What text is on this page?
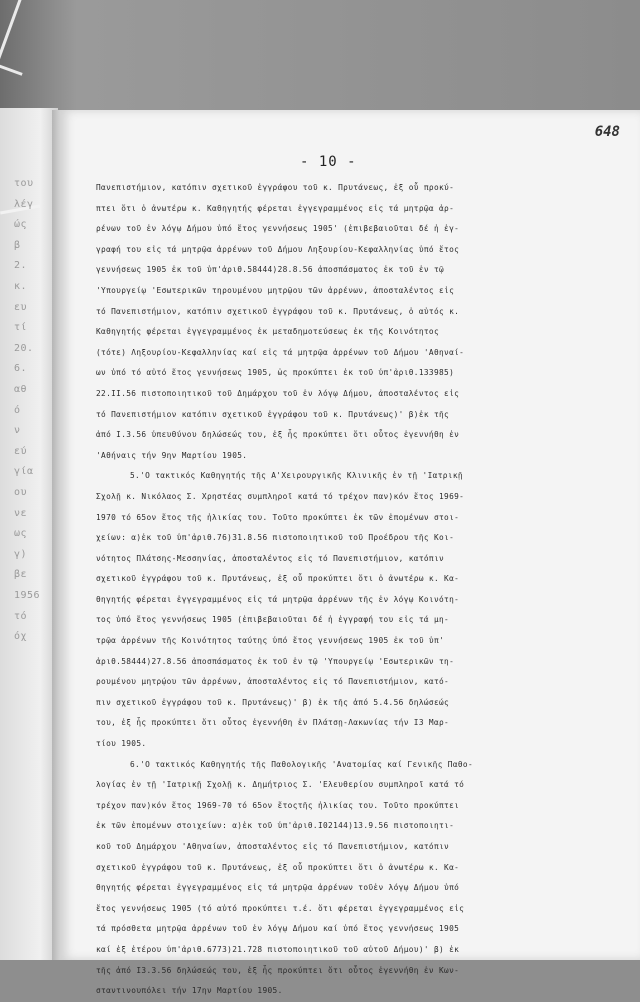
του
λέγ
ώς
β
2.
κ.
ευ
τί
20.
6.
αθ
ό
ν
εύ
γία
ου
νε
ως
γ)
βε
1956
τό
όχ
648
- 10 -
Πανεπιστήμιον, κατόπιν σχετικοῦ ἐγγράφου τοῦ κ. Πρυτάνεως, ἐξ οὗ προκύ-
πτει ὅτι ὁ ἀνωτέρω κ. Καθηγητής φέρεται ἐγγεγραμμένος εἰς τά μητρῷα ἀρ-
ρένων τοῦ ἐν λόγῳ Δήμου ὑπό ἔτος γεννήσεως 1905' (ἐπιβεβαιοῦται δέ ἡ ἐγ-
γραφή του εἰς τά μητρῷα ἀρρένων τοῦ Δήμου Ληξουρίου-Κεφαλληνίας ὑπό ἔτος
γεννήσεως 1905 ἐκ τοῦ ὑπ'ἀριθ.58444)28.8.56 ἀποσπάσματος ἐκ τοῦ ἐν τῷ
'Υπουργείῳ 'Εσωτερικῶν τηρουμένου μητρῷου τῶν ἀρρένων, ἀποσταλέντος εἰς
τό Πανεπιστήμιον, κατόπιν σχετικοῦ ἐγγράφου τοῦ κ. Πρυτάνεως, ὁ αὐτός κ.
Καθηγητής φέρεται ἐγγεγραμμένος ἐκ μεταδημοτεύσεως ἐκ τῆς Κοινότητος
(τότε) Ληξουρίου-Κεφαλληνίας καί εἰς τά μητρῷα ἀρρένων τοῦ Δήμου 'Αθηναί-
ων ὑπό τό αὐτό ἔτος γεννήσεως 1905, ὡς προκύπτει ἐκ τοῦ ὑπ'ἀριθ.133985)
22.II.56 πιστοποιητικοῦ τοῦ Δημάρχου τοῦ ἐν λόγῳ Δήμου, ἀποσταλέντος εἰς
τό Πανεπιστήμιον κατόπιν σχετικοῦ ἐγγράφου τοῦ κ. Πρυτάνεως)' β)ἐκ τῆς
ἀπό I.3.56 ὑπευθύνου δηλώσεώς του, ἐξ ἧς προκύπτει ὅτι οὗτος ἐγεννήθη ἐν
'Αθήναις τήν 9ην Μαρτίου 1905.
5.'Ο τακτικός Καθηγητής τῆς Α'Χειρουργικῆς Κλινικῆς ἐν τῇ 'Ιατρικῇ
Σχολῇ κ. Νικόλαος Σ. Χρηστέας συμπληροῖ κατά τό τρέχον παν)κόν ἔτος 1969-
1970 τό 65ον ἔτος τῆς ἡλικίας του. Τοῦτο προκύπτει ἐκ τῶν ἑπομένων στοι-
χείων: α)ἐκ τοῦ ὑπ'ἀριθ.76)31.8.56 πιστοποιητικοῦ τοῦ Προέδρου τῆς Κοι-
νότητος Πλάτσης-Μεσσηνίας, ἀποσταλέντος εἰς τό Πανεπιστήμιον, κατόπιν
σχετικοῦ ἐγγράφου τοῦ κ. Πρυτάνεως, ἐξ οὗ προκύπτει ὅτι ὁ ἀνωτέρω κ. Κα-
θηγητής φέρεται ἐγγεγραμμένος εἰς τά μητρῷα ἀρρένων τῆς ἐν λόγῳ Κοινότη-
τος ὑπό ἔτος γεννήσεως 1905 (ἐπιβεβαιοῦται δέ ἡ ἐγγραφή του εἰς τά μη-
τρῷα ἀρρένων τῆς Κοινότητος ταύτης ὑπό ἔτος γεννήσεως 1905 ἐκ τοῦ ὑπ'
ἀριθ.58444)27.8.56 ἀποσπάσματος ἐκ τοῦ ἐν τῷ 'Υπουργείῳ 'Εσωτερικῶν τη-
ρουμένου μητρῴου τῶν ἀρρένων, ἀποσταλέντος εἰς τό Πανεπιστήμιον, κατό-
πιν σχετικοῦ ἐγγράφου τοῦ κ. Πρυτάνεως)' β) ἐκ τῆς ἀπό 5.4.56 δηλώσεώς
του, ἐξ ἧς προκύπτει ὅτι οὗτος ἐγεννήθη ἐν Πλάτσῃ-Λακωνίας τήν I3 Μαρ-
τίου 1905.
6.'Ο τακτικός Καθηγητής τῆς Παθολογικῆς 'Ανατομίας καί Γενικῆς Παθο-
λογίας ἐν τῇ 'Ιατρικῇ Σχολῇ κ. Δημήτριος Σ. 'Ελευθερίου συμπληροῖ κατά τό
τρέχον παν)κόν ἔτος 1969-70 τό 65ον ἔτοςτῆς ἡλικίας του. Τοῦτο προκύπτει
ἐκ τῶν ἑπομένων στοιχείων: α)ἐκ τοῦ ὑπ'ἀριθ.I02144)13.9.56 πιστοποιητι-
κοῦ τοῦ Δημάρχου 'Αθηναίων, ἀποσταλέντος εἰς τό Πανεπιστήμιον, κατόπιν
σχετικοῦ ἐγγράφου τοῦ κ. Πρυτάνεως, ἐξ οὗ προκύπτει ὅτι ὁ ἀνωτέρω κ. Κα-
θηγητής φέρεται ἐγγεγραμμένος εἰς τά μητρῷα ἀρρένων τοῦἐν λόγῳ Δήμου ὑπό
ἔτος γεννήσεως 1905 (τό αὐτό προκύπτει τ.έ. ὅτι φέρεται ἐγγεγραμμένος εἰς
τά πρόσθετα μητρῷα ἀρρένων τοῦ ἐν λόγῳ Δήμου καί ὑπό ἔτος γεννήσεως 1905
καί ἐξ ἑτέρου ὑπ'ἀριθ.6773)21.728 πιστοποιητικοῦ τοῦ αὐτοῦ Δήμου)' β) ἐκ
τῆς ἀπό I3.3.56 δηλώσεώς του, ἐξ ἧς προκύπτει ὅτι οὗτος ἐγεννήθη ἐν Κων-
σταντινουπόλει τήν 17ην Μαρτίου 1905.
